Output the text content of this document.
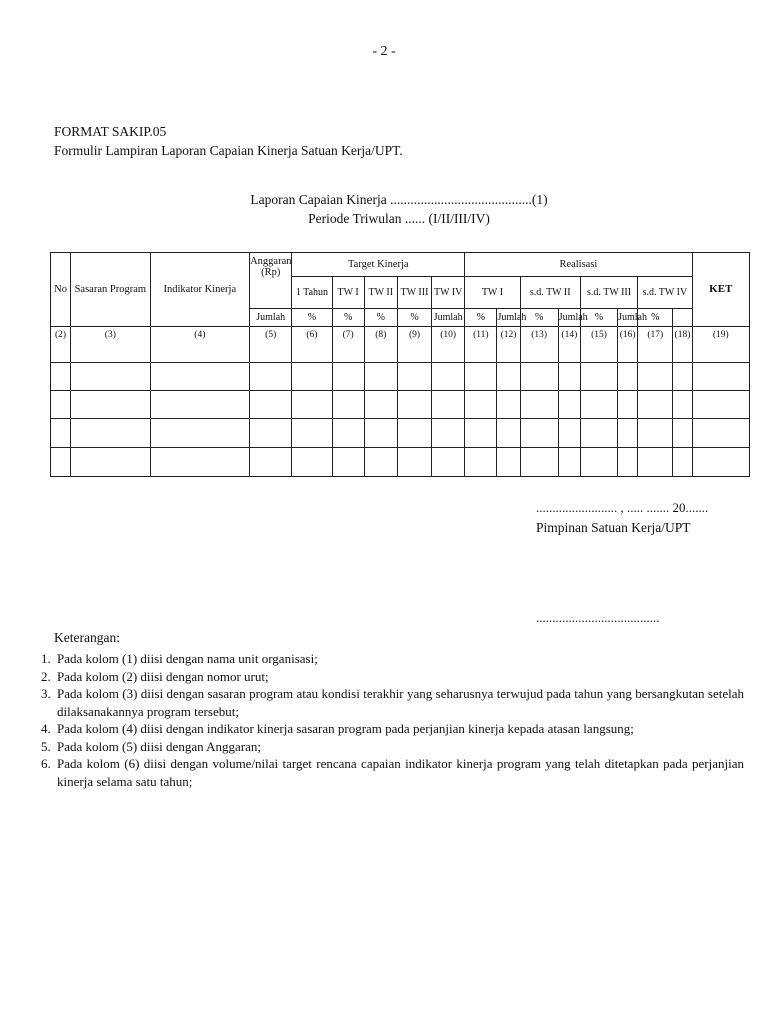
- 2 -
FORMAT SAKIP.05
Formulir Lampiran Laporan Capaian Kinerja Satuan Kerja/UPT.
Laporan Capaian Kinerja ..........................................(1)
Periode Triwulan ...... (I/II/III/IV)
No	Sasaran Program	Indikator Kinerja	Anggaran (Rp)	Target Kinerja					Realisasi								KET
				1 Tahun	TW I	TW II	TW III	TW IV	TW I		s.d. TW II		s.d. TW III		s.d. TW IV		
			Jumlah	%	%	%	%	Jumlah	%	Jumlah	%	Jumlah	%	Jumlah	%		
(2)	(3)	(4)	(5)	(6)	(7)	(8)	(9)	(10)	(11)	(12)	(13)	(14)	(15)	(16)	(17)	(18)	(19)

......................... , ..... ....... 20.......
Pimpinan Satuan Kerja/UPT
......................................
Keterangan:
1. Pada kolom (1) diisi dengan nama unit organisasi;
2. Pada kolom (2) diisi dengan nomor urut;
3. Pada kolom (3) diisi dengan sasaran program atau kondisi terakhir yang seharusnya terwujud pada tahun yang bersangkutan setelah dilaksanakannya program tersebut;
4. Pada kolom (4) diisi dengan indikator kinerja sasaran program pada perjanjian kinerja kepada atasan langsung;
5. Pada kolom (5) diisi dengan Anggaran;
6. Pada kolom (6) diisi dengan volume/nilai target rencana capaian indikator kinerja program yang telah ditetapkan pada perjanjian kinerja selama satu tahun;
